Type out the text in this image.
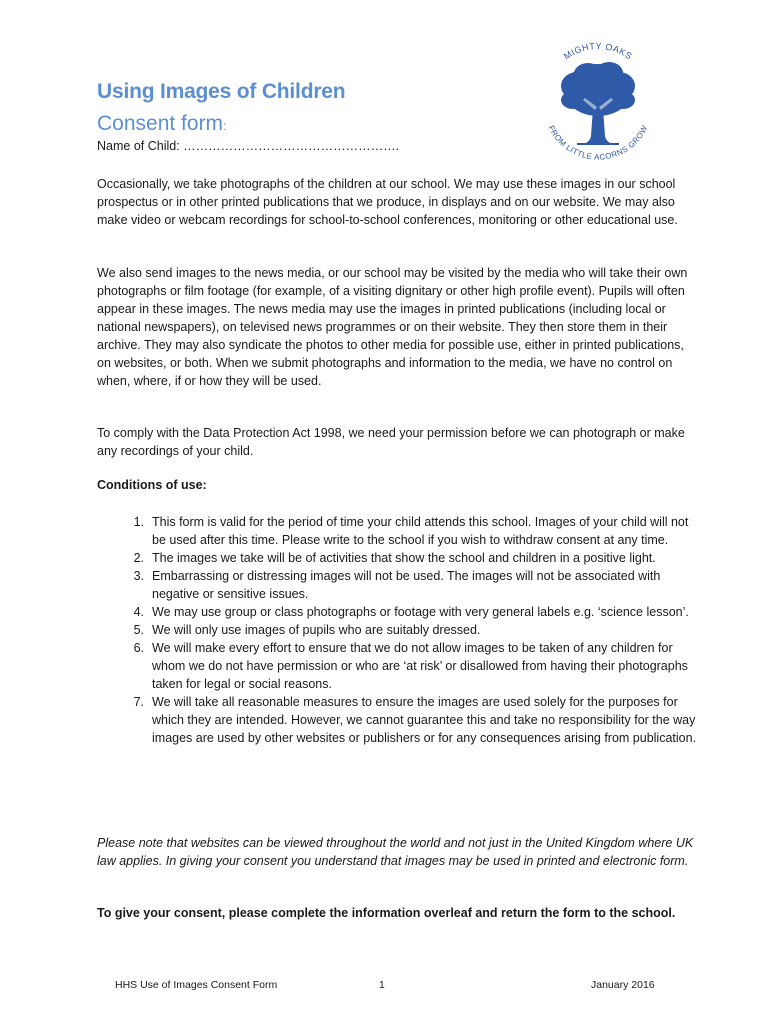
MIGHTY OAKS
FROM LITTLE ACORNS GROW
Using Images of Children
Consent form:

Name of Child: …………………………………………….

Occasionally, we take photographs of the children at our school. We may use these images in our school prospectus or in other printed publications that we produce, in displays and on our website. We may also make video or webcam recordings for school-to-school conferences, monitoring or other educational use.

We also send images to the news media, or our school may be visited by the media who will take their own photographs or film footage (for example, of a visiting dignitary or other high profile event). Pupils will often appear in these images. The news media may use the images in printed publications (including local or national newspapers), on televised news programmes or on their website. They then store them in their archive. They may also syndicate the photos to other media for possible use, either in printed publications, on websites, or both. When we submit photographs and information to the media, we have no control on when, where, if or how they will be used.

To comply with the Data Protection Act 1998, we need your permission before we can photograph or make any recordings of your child.

Conditions of use:

1. This form is valid for the period of time your child attends this school. Images of your child will not be used after this time. Please write to the school if you wish to withdraw consent at any time.
2. The images we take will be of activities that show the school and children in a positive light.
3. Embarrassing or distressing images will not be used. The images will not be associated with negative or sensitive issues.
4. We may use group or class photographs or footage with very general labels e.g. ‘science lesson’.
5. We will only use images of pupils who are suitably dressed.
6. We will make every effort to ensure that we do not allow images to be taken of any children for whom we do not have permission or who are ‘at risk’ or disallowed from having their photographs taken for legal or social reasons.
7. We will take all reasonable measures to ensure the images are used solely for the purposes for which they are intended. However, we cannot guarantee this and take no responsibility for the way images are used by other websites or publishers or for any consequences arising from publication.

Please note that websites can be viewed throughout the world and not just in the United Kingdom where UK law applies. In giving your consent you understand that images may be used in printed and electronic form.

To give your consent, please complete the information overleaf and return the form to the school.

HHS Use of Images Consent Form	1	January 2016
